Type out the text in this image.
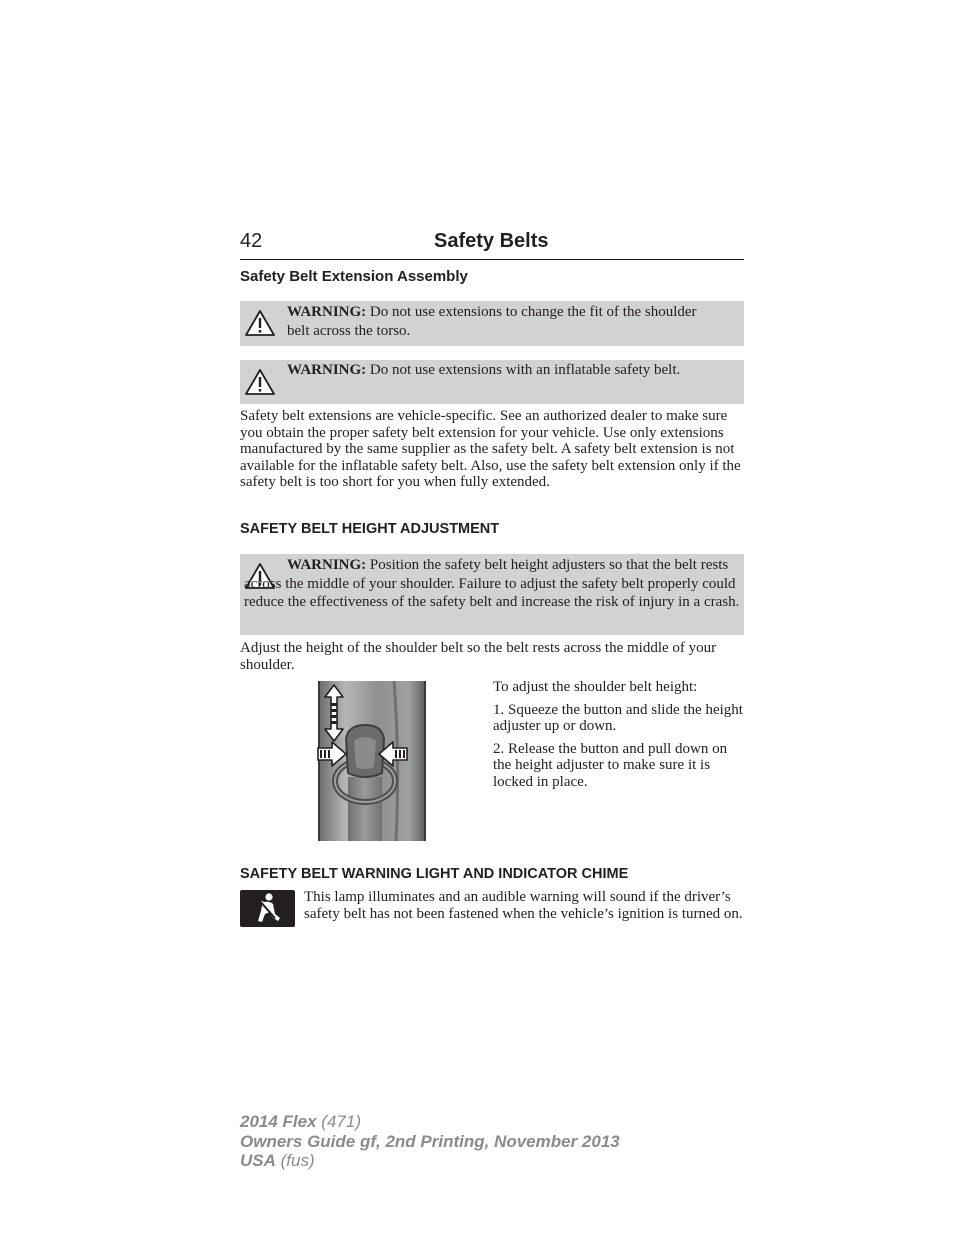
42	Safety Belts
Safety Belt Extension Assembly
WARNING: Do not use extensions to change the fit of the shoulder belt across the torso.
WARNING: Do not use extensions with an inflatable safety belt.

Safety belt extensions are vehicle-specific. See an authorized dealer to make sure you obtain the proper safety belt extension for your vehicle. Use only extensions manufactured by the same supplier as the safety belt. A safety belt extension is not available for the inflatable safety belt. Also, use the safety belt extension only if the safety belt is too short for you when fully extended.

SAFETY BELT HEIGHT ADJUSTMENT
WARNING: Position the safety belt height adjusters so that the belt rests across the middle of your shoulder. Failure to adjust the safety belt properly could reduce the effectiveness of the safety belt and increase the risk of injury in a crash.

Adjust the height of the shoulder belt so the belt rests across the middle of your shoulder.

To adjust the shoulder belt height:

1. Squeeze the button and slide the height adjuster up or down.

2. Release the button and pull down on the height adjuster to make sure it is locked in place.

SAFETY BELT WARNING LIGHT AND INDICATOR CHIME

This lamp illuminates and an audible warning will sound if the driver’s safety belt has not been fastened when the vehicle’s ignition is turned on.

2014 Flex (471)
Owners Guide gf, 2nd Printing, November 2013
USA (fus)
